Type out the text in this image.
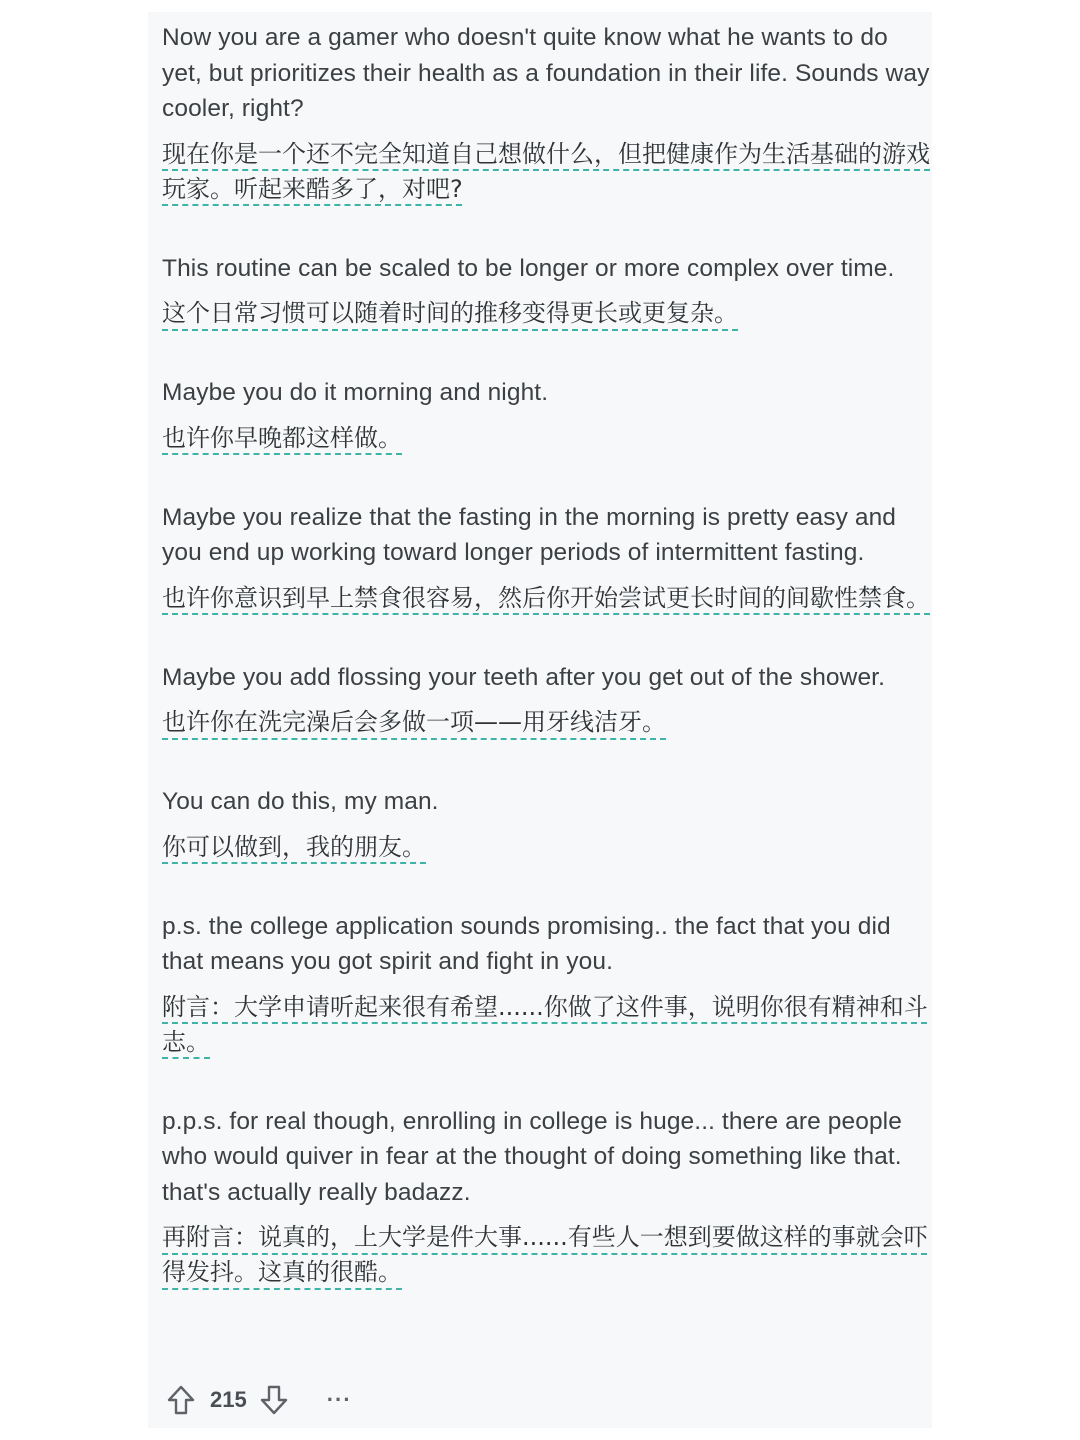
Now you are a gamer who doesn't quite know what he wants to do yet, but prioritizes their health as a foundation in their life. Sounds way cooler, right?

现在你是一个还不完全知道自己想做什么，但把健康作为生活基础的游戏玩家。听起来酷多了，对吧?

This routine can be scaled to be longer or more complex over time.

这个日常习惯可以随着时间的推移变得更长或更复杂。

Maybe you do it morning and night.

也许你早晚都这样做。

Maybe you realize that the fasting in the morning is pretty easy and you end up working toward longer periods of intermittent fasting.

也许你意识到早上禁食很容易，然后你开始尝试更长时间的间歇性禁食。

Maybe you add flossing your teeth after you get out of the shower.

也许你在洗完澡后会多做一项——用牙线洁牙。

You can do this, my man.

你可以做到，我的朋友。

p.s. the college application sounds promising.. the fact that you did that means you got spirit and fight in you.

附言：大学申请听起来很有希望......你做了这件事，说明你很有精神和斗志。

p.p.s. for real though, enrolling in college is huge... there are people who would quiver in fear at the thought of doing something like that. that's actually really badazz.

再附言：说真的，上大学是件大事......有些人一想到要做这样的事就会吓得发抖。这真的很酷。

215	···
